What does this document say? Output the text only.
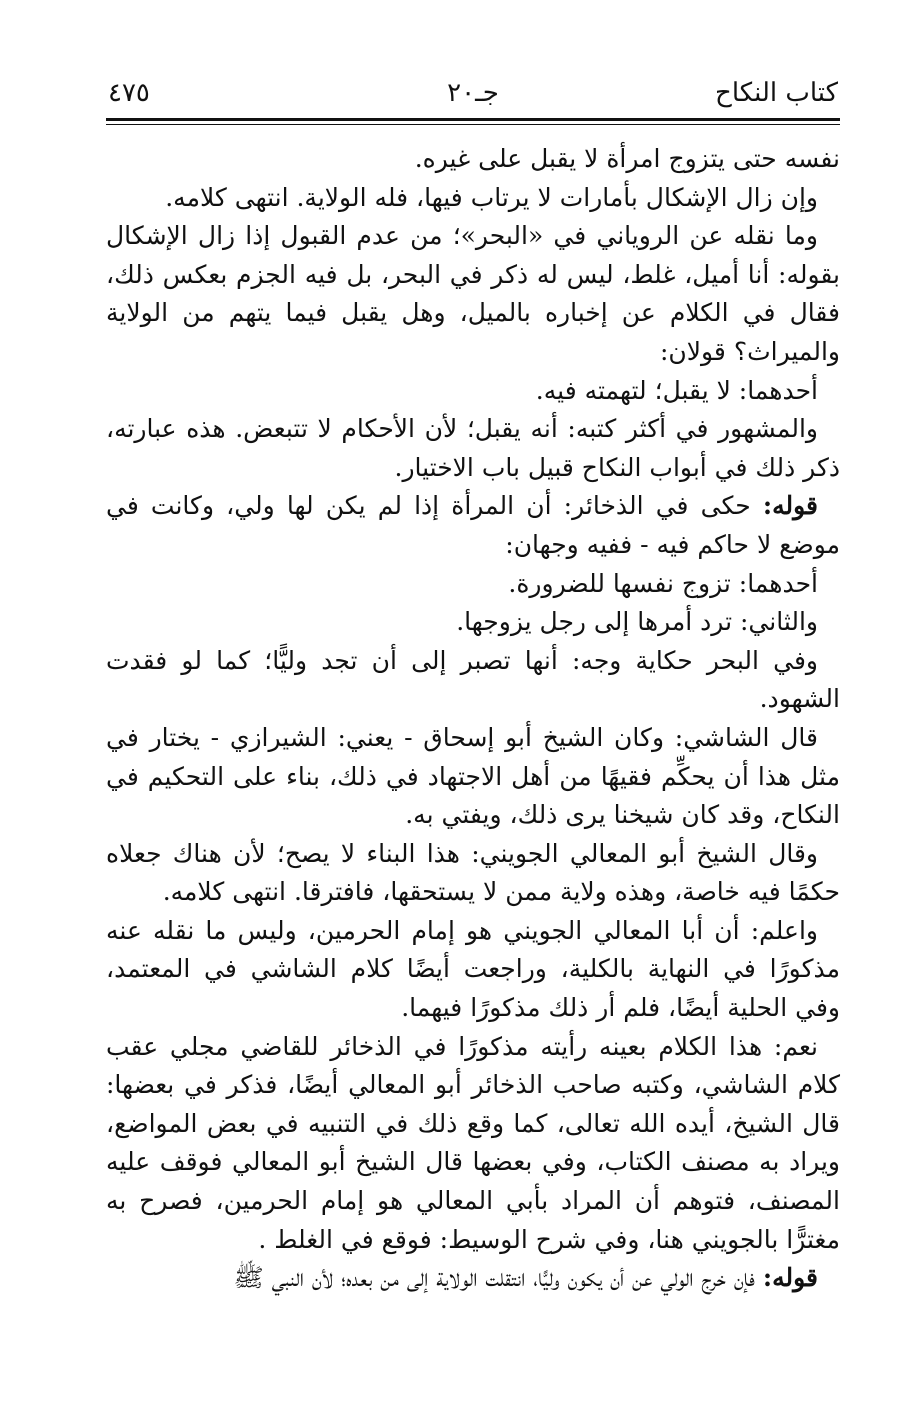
كتاب النكاح
جـ٢٠
٤٧٥

نفسه حتى يتزوج امرأة لا يقبل على غيره.

وإن زال الإشكال بأمارات لا يرتاب فيها، فله الولاية. انتهى كلامه.

وما نقله عن الروياني في «البحر»؛ من عدم القبول إذا زال الإشكال بقوله: أنا أميل، غلط، ليس له ذكر في البحر، بل فيه الجزم بعكس ذلك، فقال في الكلام عن إخباره بالميل، وهل يقبل فيما يتهم من الولاية والميراث؟ قولان:

أحدهما: لا يقبل؛ لتهمته فيه.

والمشهور في أكثر كتبه: أنه يقبل؛ لأن الأحكام لا تتبعض. هذه عبارته، ذكر ذلك في أبواب النكاح قبيل باب الاختيار.

قوله: حكى في الذخائر: أن المرأة إذا لم يكن لها ولي، وكانت في موضع لا حاكم فيه - ففيه وجهان:

أحدهما: تزوج نفسها للضرورة.

والثاني: ترد أمرها إلى رجل يزوجها.

وفي البحر حكاية وجه: أنها تصبر إلى أن تجد وليًّا؛ كما لو فقدت الشهود.

قال الشاشي: وكان الشيخ أبو إسحاق - يعني: الشيرازي - يختار في مثل هذا أن يحكِّم فقيهًا من أهل الاجتهاد في ذلك، بناء على التحكيم في النكاح، وقد كان شيخنا يرى ذلك، ويفتي به.

وقال الشيخ أبو المعالي الجويني: هذا البناء لا يصح؛ لأن هناك جعلاه حكمًا فيه خاصة، وهذه ولاية ممن لا يستحقها، فافترقا. انتهى كلامه.

واعلم: أن أبا المعالي الجويني هو إمام الحرمين، وليس ما نقله عنه مذكورًا في النهاية بالكلية، وراجعت أيضًا كلام الشاشي في المعتمد، وفي الحلية أيضًا، فلم أر ذلك مذكورًا فيهما.

نعم: هذا الكلام بعينه رأيته مذكورًا في الذخائر للقاضي مجلي عقب كلام الشاشي، وكتبه صاحب الذخائر أبو المعالي أيضًا، فذكر في بعضها: قال الشيخ، أيده الله تعالى، كما وقع ذلك في التنبيه في بعض المواضع، ويراد به مصنف الكتاب، وفي بعضها قال الشيخ أبو المعالي فوقف عليه المصنف، فتوهم أن المراد بأبي المعالي هو إمام الحرمين، فصرح به مغترًّا بالجويني هنا، وفي شرح الوسيط: فوقع في الغلط .

قوله: فإن خرج الولي عن أن يكون وليًّا، انتقلت الولاية إلى من بعده؛ لأن النبي ﷺ
